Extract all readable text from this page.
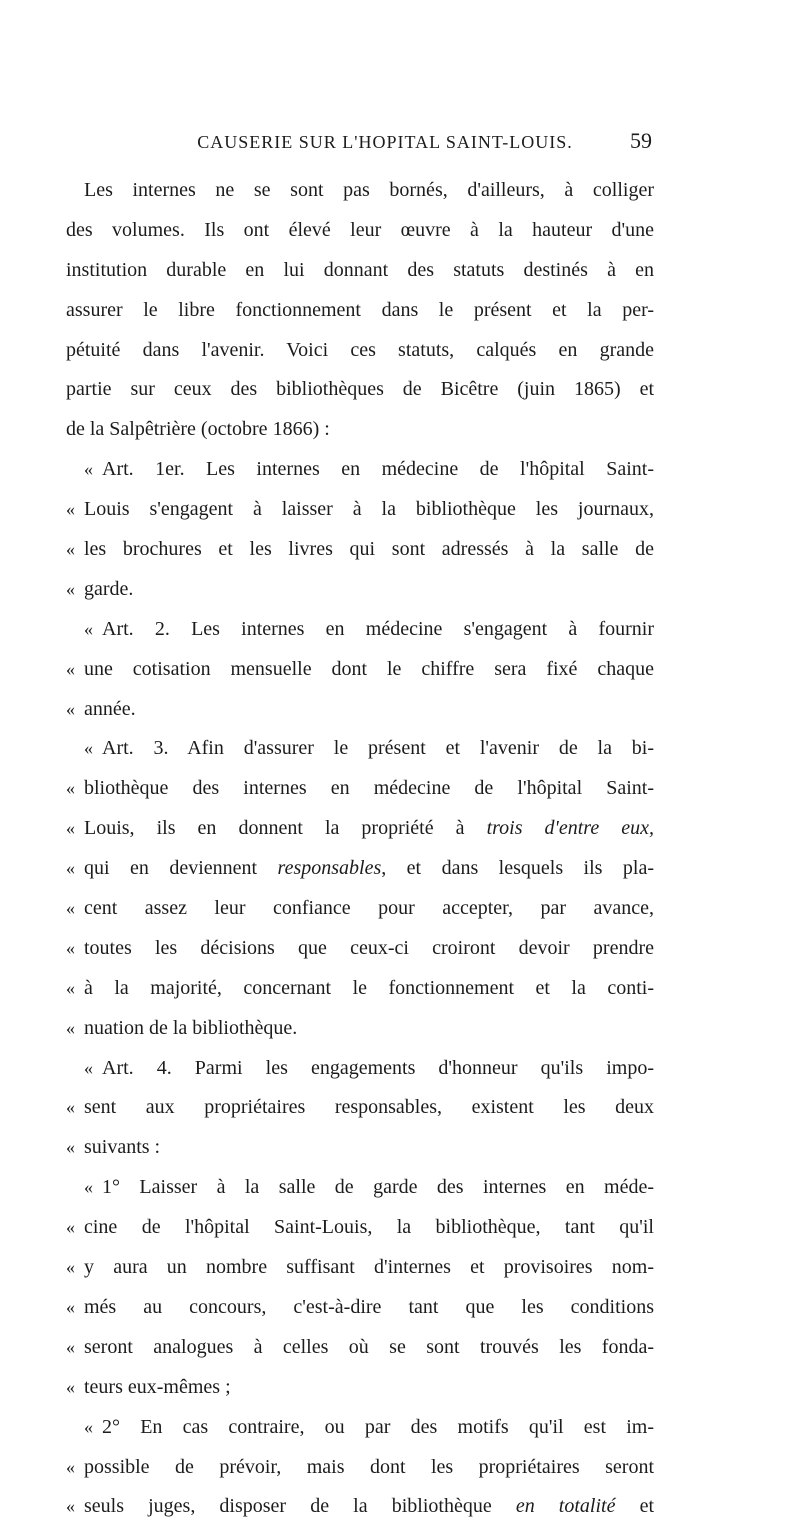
CAUSERIE SUR L'HOPITAL SAINT-LOUIS.	59
Les internes ne se sont pas bornés, d'ailleurs, à colliger
des volumes. Ils ont élevé leur œuvre à la hauteur d'une
institution durable en lui donnant des statuts destinés à en
assurer le libre fonctionnement dans le présent et la per-
pétuité dans l'avenir. Voici ces statuts, calqués en grande
partie sur ceux des bibliothèques de Bicêtre (juin 1865) et
de la Salpêtrière (octobre 1866) :
« Art. 1er. Les internes en médecine de l'hôpital Saint-
« Louis s'engagent à laisser à la bibliothèque les journaux,
« les brochures et les livres qui sont adressés à la salle de
« garde.
« Art. 2. Les internes en médecine s'engagent à fournir
« une cotisation mensuelle dont le chiffre sera fixé chaque
« année.
« Art. 3. Afin d'assurer le présent et l'avenir de la bi-
« bliothèque des internes en médecine de l'hôpital Saint-
« Louis, ils en donnent la propriété à trois d'entre eux,
« qui en deviennent responsables, et dans lesquels ils pla-
« cent assez leur confiance pour accepter, par avance,
« toutes les décisions que ceux-ci croiront devoir prendre
« à la majorité, concernant le fonctionnement et la conti-
« nuation de la bibliothèque.
« Art. 4. Parmi les engagements d'honneur qu'ils impo-
« sent aux propriétaires responsables, existent les deux
« suivants :
« 1° Laisser à la salle de garde des internes en méde-
« cine de l'hôpital Saint-Louis, la bibliothèque, tant qu'il
« y aura un nombre suffisant d'internes et provisoires nom-
« més au concours, c'est-à-dire tant que les conditions
« seront analogues à celles où se sont trouvés les fonda-
« teurs eux-mêmes ;
« 2° En cas contraire, ou par des motifs qu'il est im-
« possible de prévoir, mais dont les propriétaires seront
« seuls juges, disposer de la bibliothèque en totalité et
